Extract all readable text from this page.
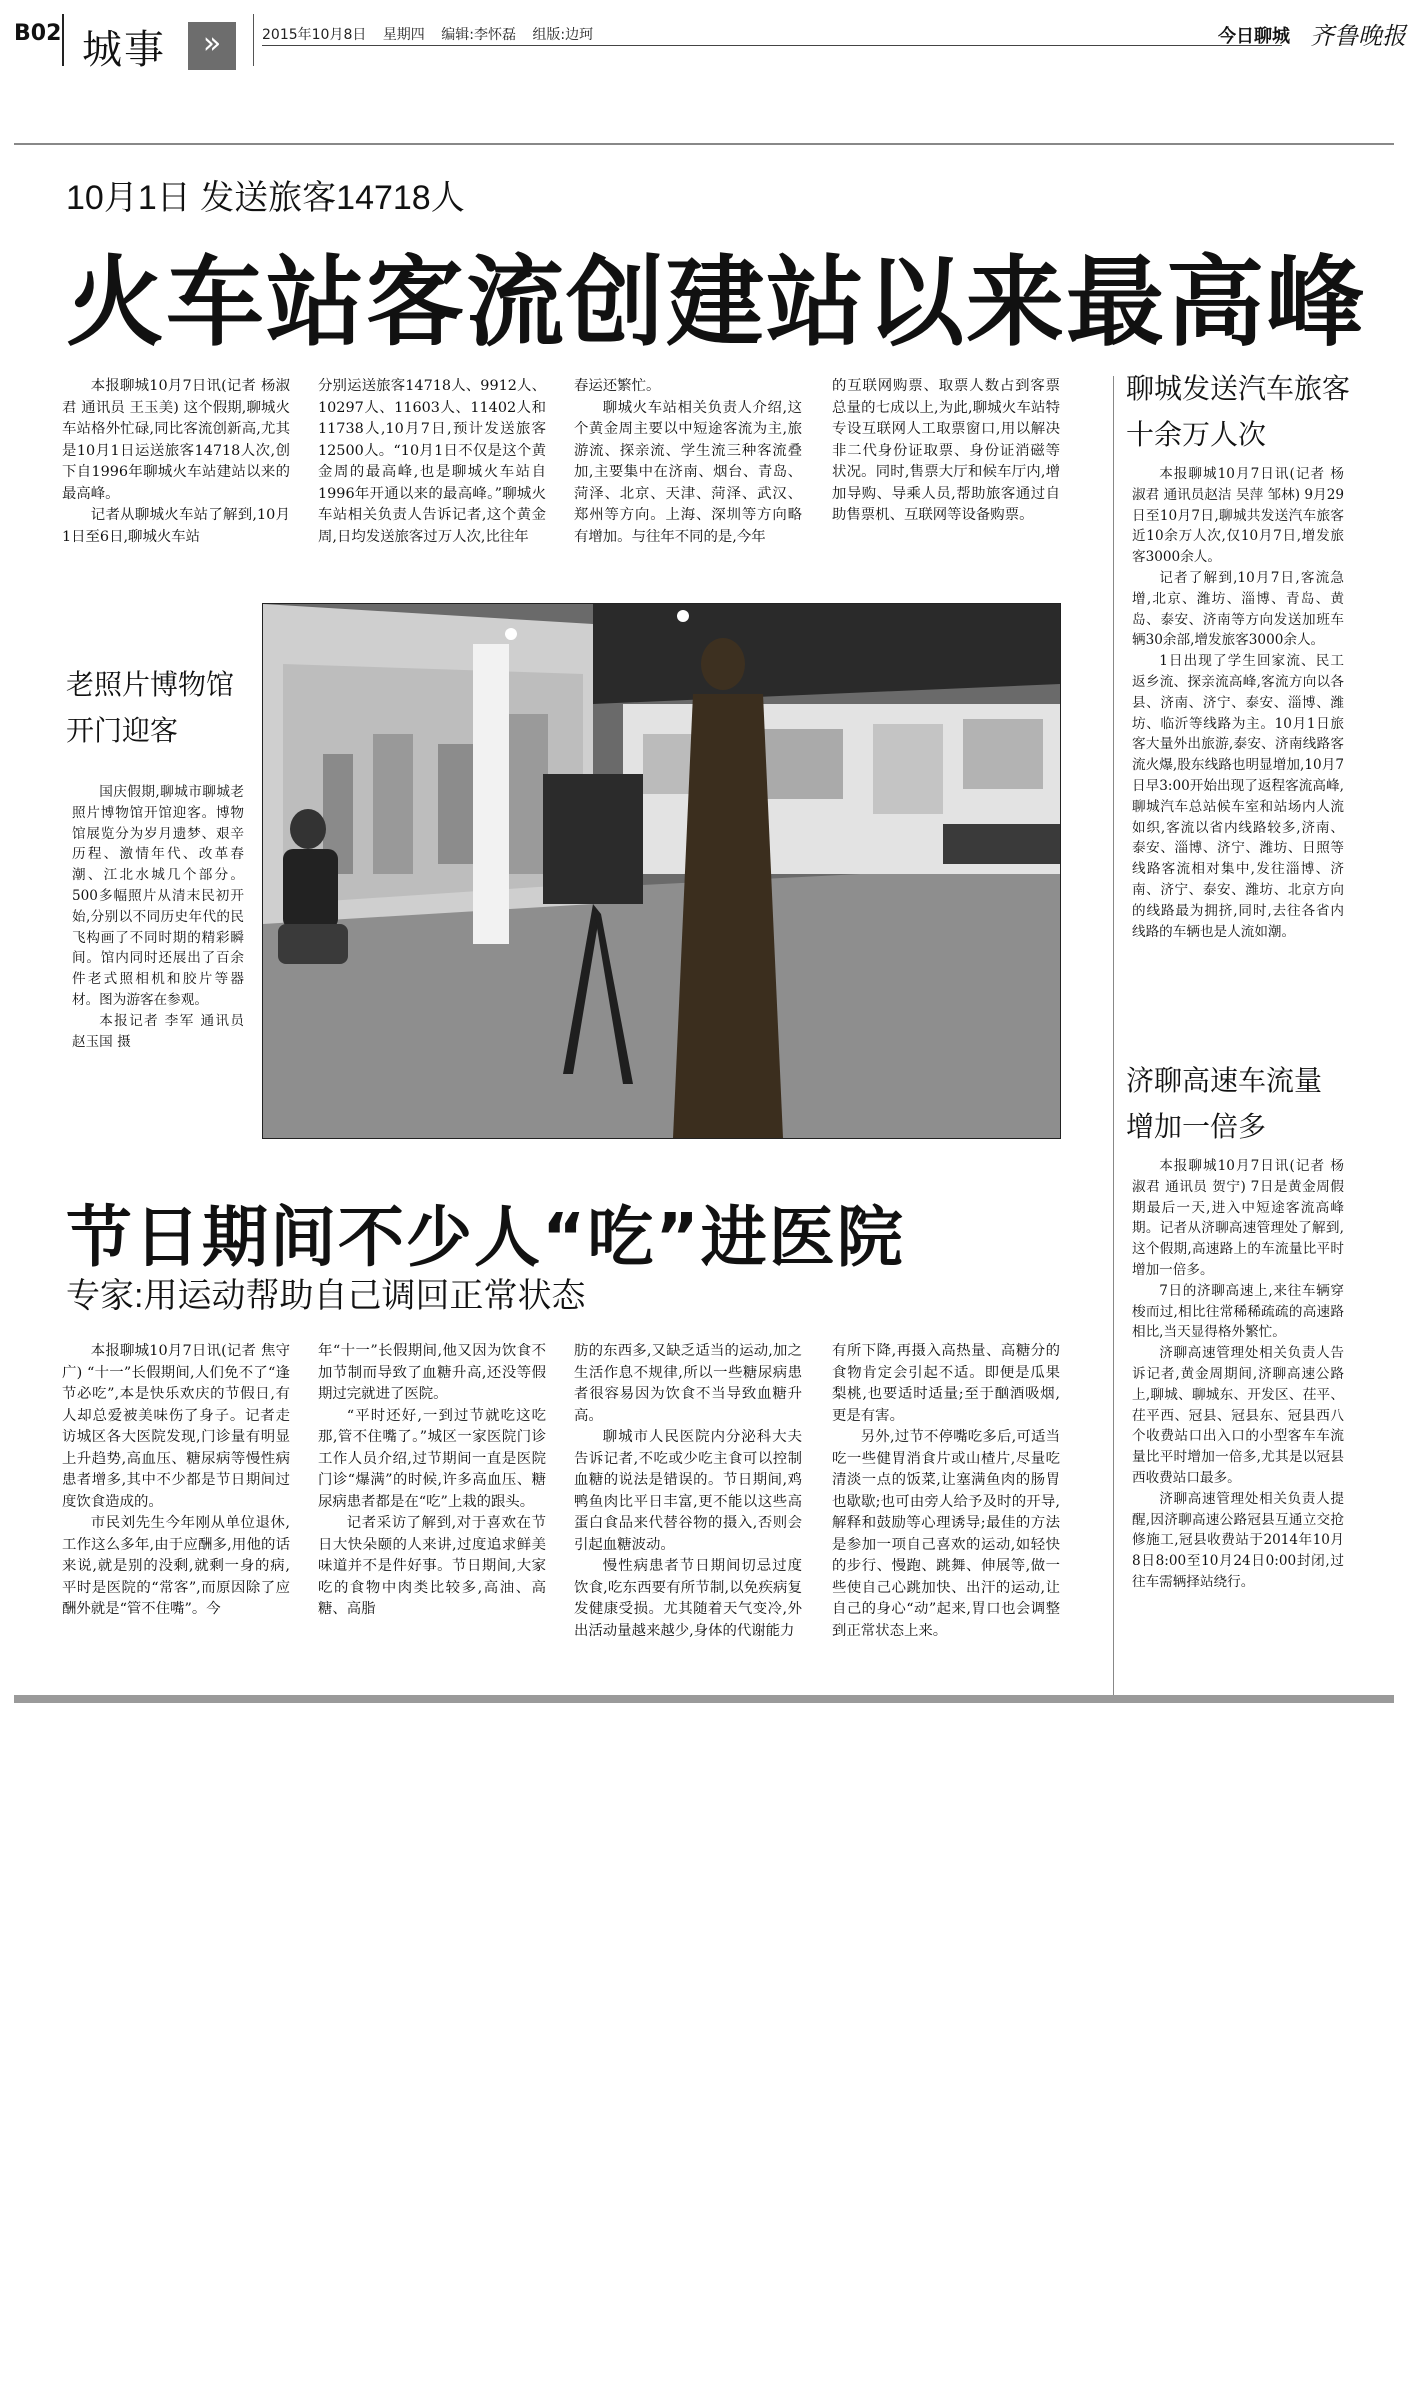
B02 城事	»	2015年10月8日 星期四 编辑:李怀磊 组版:边珂	今日聊城 齐鲁晚报
10月1日 发送旅客14718人
火车站客流创建站以来最高峰

本报聊城10月7日讯(记者 杨淑君 通讯员 王玉美) 这个假期,聊城火车站格外忙碌,同比客流创新高,尤其是10月1日运送旅客14718人次,创下自1996年聊城火车站建站以来的最高峰。

记者从聊城火车站了解到,10月1日至6日,聊城火车站

分别运送旅客14718人、9912人、10297人、11603人、11402人和11738人,10月7日,预计发送旅客12500人。“10月1日不仅是这个黄金周的最高峰,也是聊城火车站自1996年开通以来的最高峰。”聊城火车站相关负责人告诉记者,这个黄金周,日均发送旅客过万人次,比往年

春运还繁忙。

聊城火车站相关负责人介绍,这个黄金周主要以中短途客流为主,旅游流、探亲流、学生流三种客流叠加,主要集中在济南、烟台、青岛、菏泽、北京、天津、菏泽、武汉、郑州等方向。上海、深圳等方向略有增加。与往年不同的是,今年

的互联网购票、取票人数占到客票总量的七成以上,为此,聊城火车站特专设互联网人工取票窗口,用以解决非二代身份证取票、身份证消磁等状况。同时,售票大厅和候车厅内,增加导购、导乘人员,帮助旅客通过自助售票机、互联网等设备购票。

老照片博物馆
开门迎客

国庆假期,聊城市聊城老照片博物馆开馆迎客。博物馆展览分为岁月遗梦、艰辛历程、激情年代、改革春潮、江北水城几个部分。500多幅照片从清末民初开始,分别以不同历史年代的民飞构画了不同时期的精彩瞬间。馆内同时还展出了百余件老式照相机和胶片等器材。图为游客在参观。

本报记者 李军 通讯员 赵玉国 摄

聊城发送汽车旅客
十余万人次

本报聊城10月7日讯(记者 杨淑君 通讯员赵洁 吴萍 邹林) 9月29日至10月7日,聊城共发送汽车旅客近10余万人次,仅10月7日,增发旅客3000余人。

记者了解到,10月7日,客流急增,北京、潍坊、淄博、青岛、黄岛、泰安、济南等方向发送加班车辆30余部,增发旅客3000余人。

1日出现了学生回家流、民工返乡流、探亲流高峰,客流方向以各县、济南、济宁、泰安、淄博、潍坊、临沂等线路为主。10月1日旅客大量外出旅游,泰安、济南线路客流火爆,股东线路也明显增加,10月7日早3:00开始出现了返程客流高峰,聊城汽车总站候车室和站场内人流如织,客流以省内线路较多,济南、泰安、淄博、济宁、潍坊、日照等线路客流相对集中,发往淄博、济南、济宁、泰安、潍坊、北京方向的线路最为拥挤,同时,去往各省内线路的车辆也是人流如潮。

济聊高速车流量
增加一倍多

本报聊城10月7日讯(记者 杨淑君 通讯员 贺宁) 7日是黄金周假期最后一天,进入中短途客流高峰期。记者从济聊高速管理处了解到,这个假期,高速路上的车流量比平时增加一倍多。

7日的济聊高速上,来往车辆穿梭而过,相比往常稀稀疏疏的高速路相比,当天显得格外繁忙。

济聊高速管理处相关负责人告诉记者,黄金周期间,济聊高速公路上,聊城、聊城东、开发区、茌平、茌平西、冠县、冠县东、冠县西八个收费站口出入口的小型客车车流量比平时增加一倍多,尤其是以冠县西收费站口最多。

济聊高速管理处相关负责人提醒,因济聊高速公路冠县互通立交抢修施工,冠县收费站于2014年10月8日8:00至10月24日0:00封闭,过往车需辆择站绕行。

节日期间不少人“吃”进医院
专家:用运动帮助自己调回正常状态

本报聊城10月7日讯(记者 焦守广) “十一”长假期间,人们免不了“逢节必吃”,本是快乐欢庆的节假日,有人却总爱被美味伤了身子。记者走访城区各大医院发现,门诊量有明显上升趋势,高血压、糖尿病等慢性病患者增多,其中不少都是节日期间过度饮食造成的。

市民刘先生今年刚从单位退休,工作这么多年,由于应酬多,用他的话来说,就是别的没剩,就剩一身的病,平时是医院的“常客”,而原因除了应酬外就是“管不住嘴”。今

年“十一”长假期间,他又因为饮食不加节制而导致了血糖升高,还没等假期过完就进了医院。

“平时还好,一到过节就吃这吃那,管不住嘴了。”城区一家医院门诊工作人员介绍,过节期间一直是医院门诊“爆满”的时候,许多高血压、糖尿病患者都是在“吃”上栽的跟头。

记者采访了解到,对于喜欢在节日大快朵颐的人来讲,过度追求鲜美味道并不是件好事。节日期间,大家吃的食物中肉类比较多,高油、高糖、高脂

肪的东西多,又缺乏适当的运动,加之生活作息不规律,所以一些糖尿病患者很容易因为饮食不当导致血糖升高。

聊城市人民医院内分泌科大夫告诉记者,不吃或少吃主食可以控制血糖的说法是错误的。节日期间,鸡鸭鱼肉比平日丰富,更不能以这些高蛋白食品来代替谷物的摄入,否则会引起血糖波动。

慢性病患者节日期间切忌过度饮食,吃东西要有所节制,以免疾病复发健康受损。尤其随着天气变冷,外出活动量越来越少,身体的代谢能力

有所下降,再摄入高热量、高糖分的食物肯定会引起不适。即便是瓜果梨桃,也要适时适量;至于酗酒吸烟,更是有害。

另外,过节不停嘴吃多后,可适当吃一些健胃消食片或山楂片,尽量吃清淡一点的饭菜,让塞满鱼肉的肠胃也歇歇;也可由旁人给予及时的开导,解释和鼓励等心理诱导;最佳的方法是参加一项自己喜欢的运动,如轻快的步行、慢跑、跳舞、伸展等,做一些使自己心跳加快、出汗的运动,让自己的身心“动”起来,胃口也会调整到正常状态上来。
